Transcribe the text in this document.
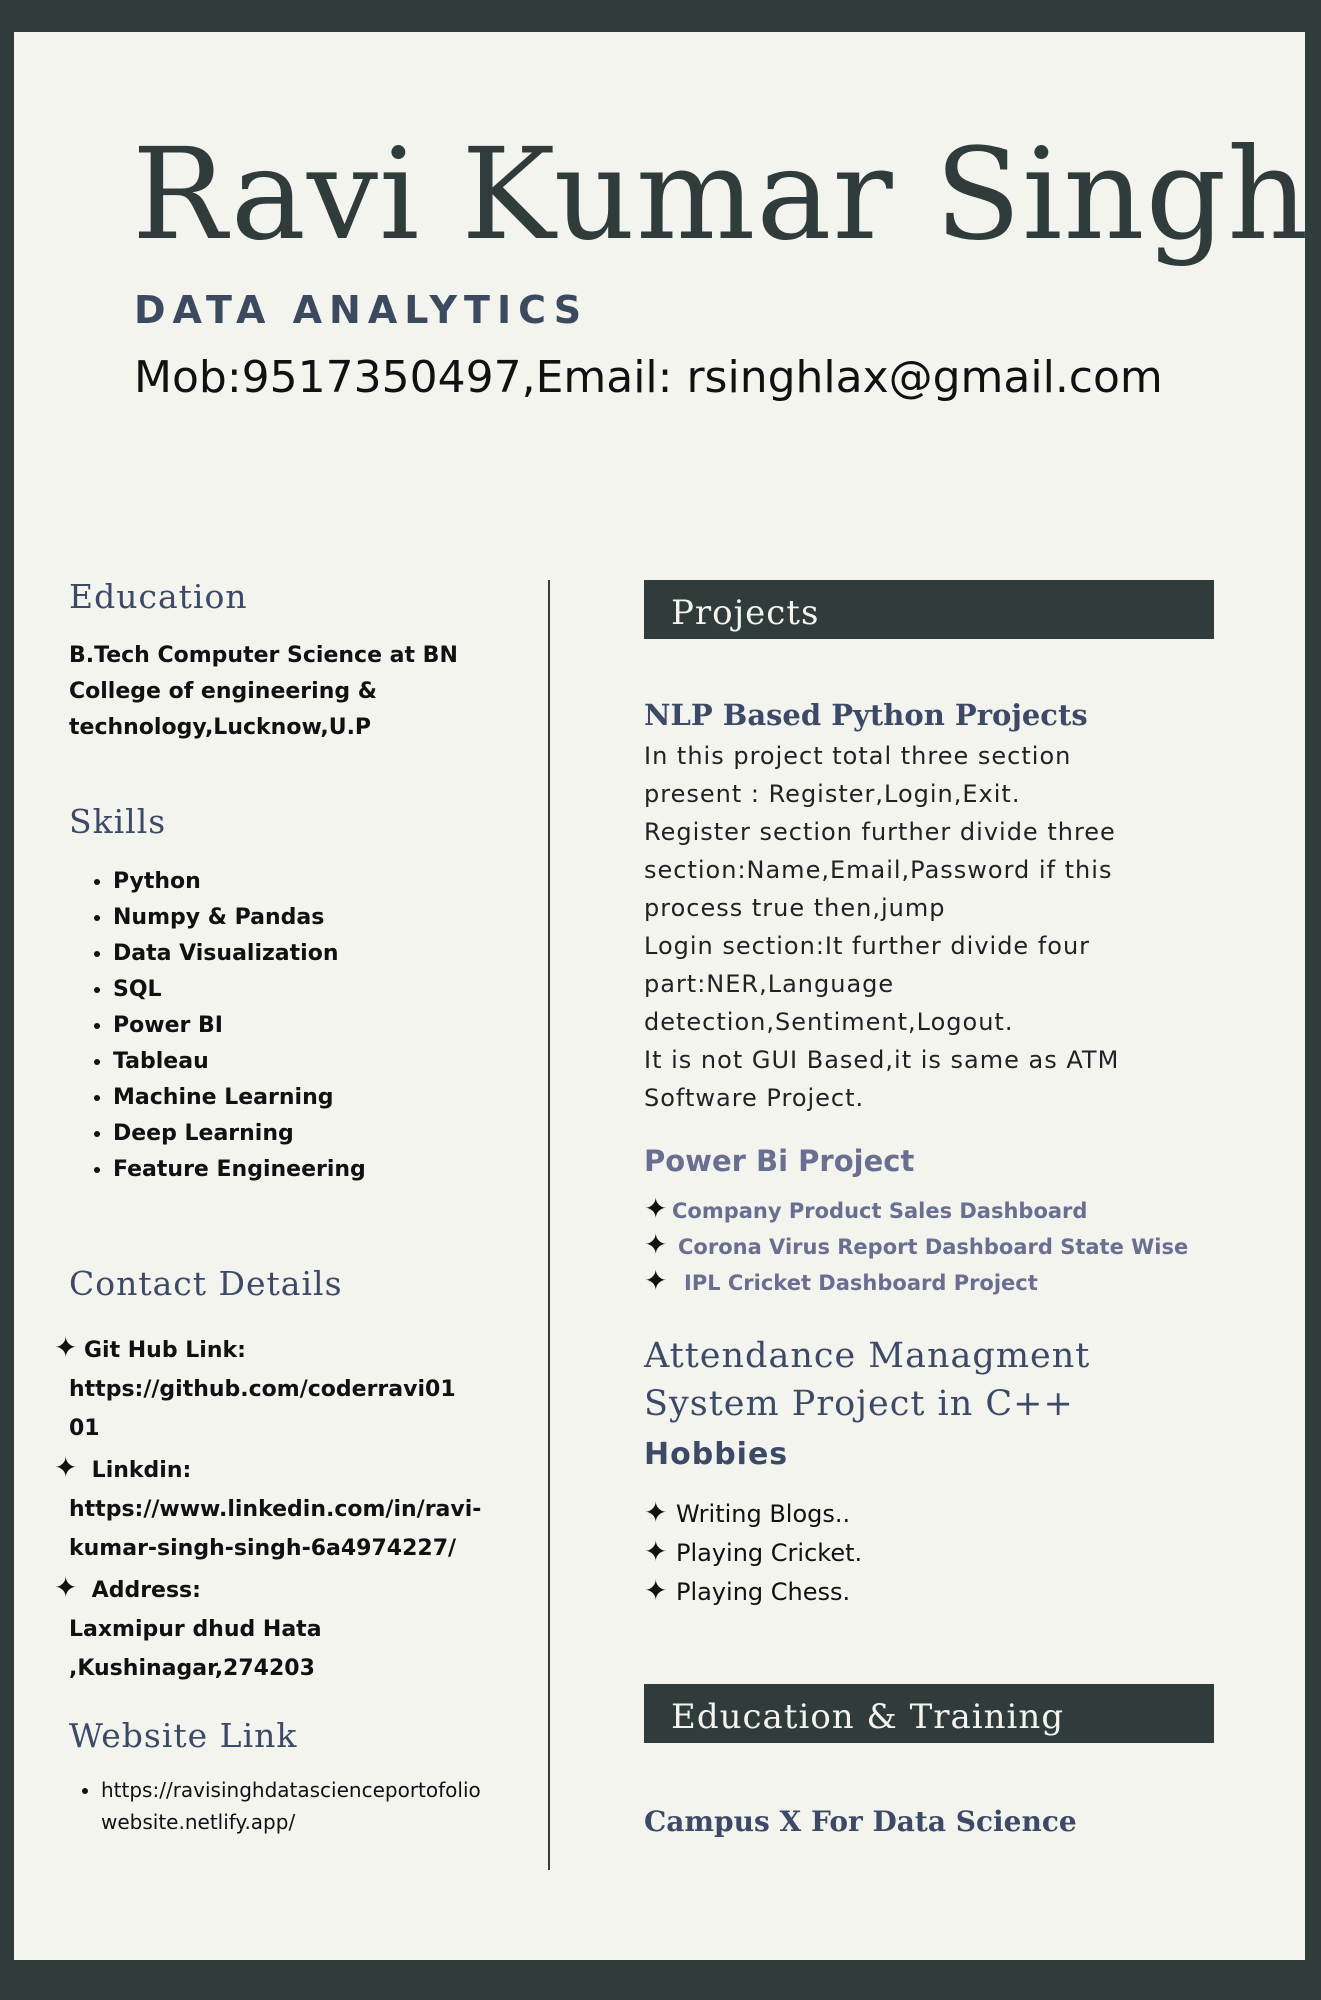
Ravi Kumar Singh
DATA ANALYTICS
Mob:9517350497,Email: rsinghlax@gmail.com
Education
B.Tech Computer Science at BN
College of engineering &
technology,Lucknow,U.P
Skills
• Python
• Numpy & Pandas
• Data Visualization
• SQL
• Power BI
• Tableau
• Machine Learning
• Deep Learning
• Feature Engineering
Contact Details
✦ Git Hub Link:
https://github.com/coderravi01
01
✦ Linkdin:
https://www.linkedin.com/in/ravi-
kumar-singh-singh-6a4974227/
✦ Address:
Laxmipur dhud Hata
,Kushinagar,274203
Website Link
• https://ravisinghdatascienceportofolio
website.netlify.app/
Projects
NLP Based Python Projects
In this project total three section
present : Register,Login,Exit.
Register section further divide three
section:Name,Email,Password if this
process true then,jump
Login section:It further divide four
part:NER,Language
detection,Sentiment,Logout.
It is not GUI Based,it is same as ATM
Software Project.
Power Bi Project
✦ Company Product Sales Dashboard
✦ Corona Virus Report Dashboard State Wise
✦ IPL Cricket Dashboard Project
Attendance Managment
System Project in C++
Hobbies
✦ Writing Blogs..
✦ Playing Cricket.
✦ Playing Chess.
Education & Training
Campus X For Data Science
